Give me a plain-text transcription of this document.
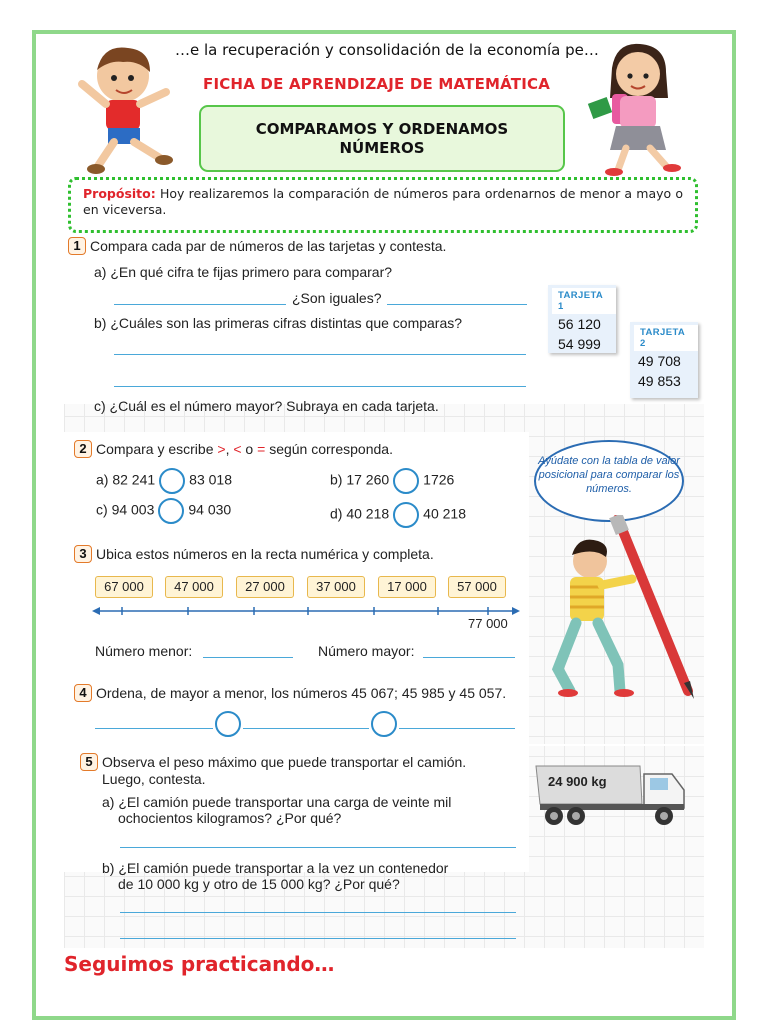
…e la recuperación y consolidación de la economía pe…
FICHA DE APRENDIZAJE DE MATEMÁTICA
COMPARAMOS Y ORDENAMOS
NÚMEROS
Propósito: Hoy realizaremos la comparación de números para ordenarnos de menor a mayo o en viceversa.
1 Compara cada par de números de las tarjetas y contesta.
a) ¿En qué cifra te fijas primero para comparar?
¿Son iguales?
b) ¿Cuáles son las primeras cifras distintas que comparas?
c) ¿Cuál es el número mayor? Subraya en cada tarjeta.
TARJETA 1
56 120
54 999
TARJETA 2
49 708
49 853
2 Compara y escribe >, < o = según corresponda.
a) 82 241 83 018	b) 17 260 1726
c) 94 003 94 030	d) 40 218 40 218
Ayúdate con la tabla de valor posicional para comparar los números.
3 Ubica estos números en la recta numérica y completa.
67 000	47 000	27 000	37 000	17 000	57 000
77 000
Número menor:	Número mayor:
4 Ordena, de mayor a menor, los números 45 067; 45 985 y 45 057.
5 Observa el peso máximo que puede transportar el camión.
Luego, contesta.
a) ¿El camión puede transportar una carga de veinte mil
ochocientos kilogramos? ¿Por qué?
b) ¿El camión puede transportar a la vez un contenedor
de 10 000 kg y otro de 15 000 kg? ¿Por qué?
24 900 kg
Seguimos practicando…
